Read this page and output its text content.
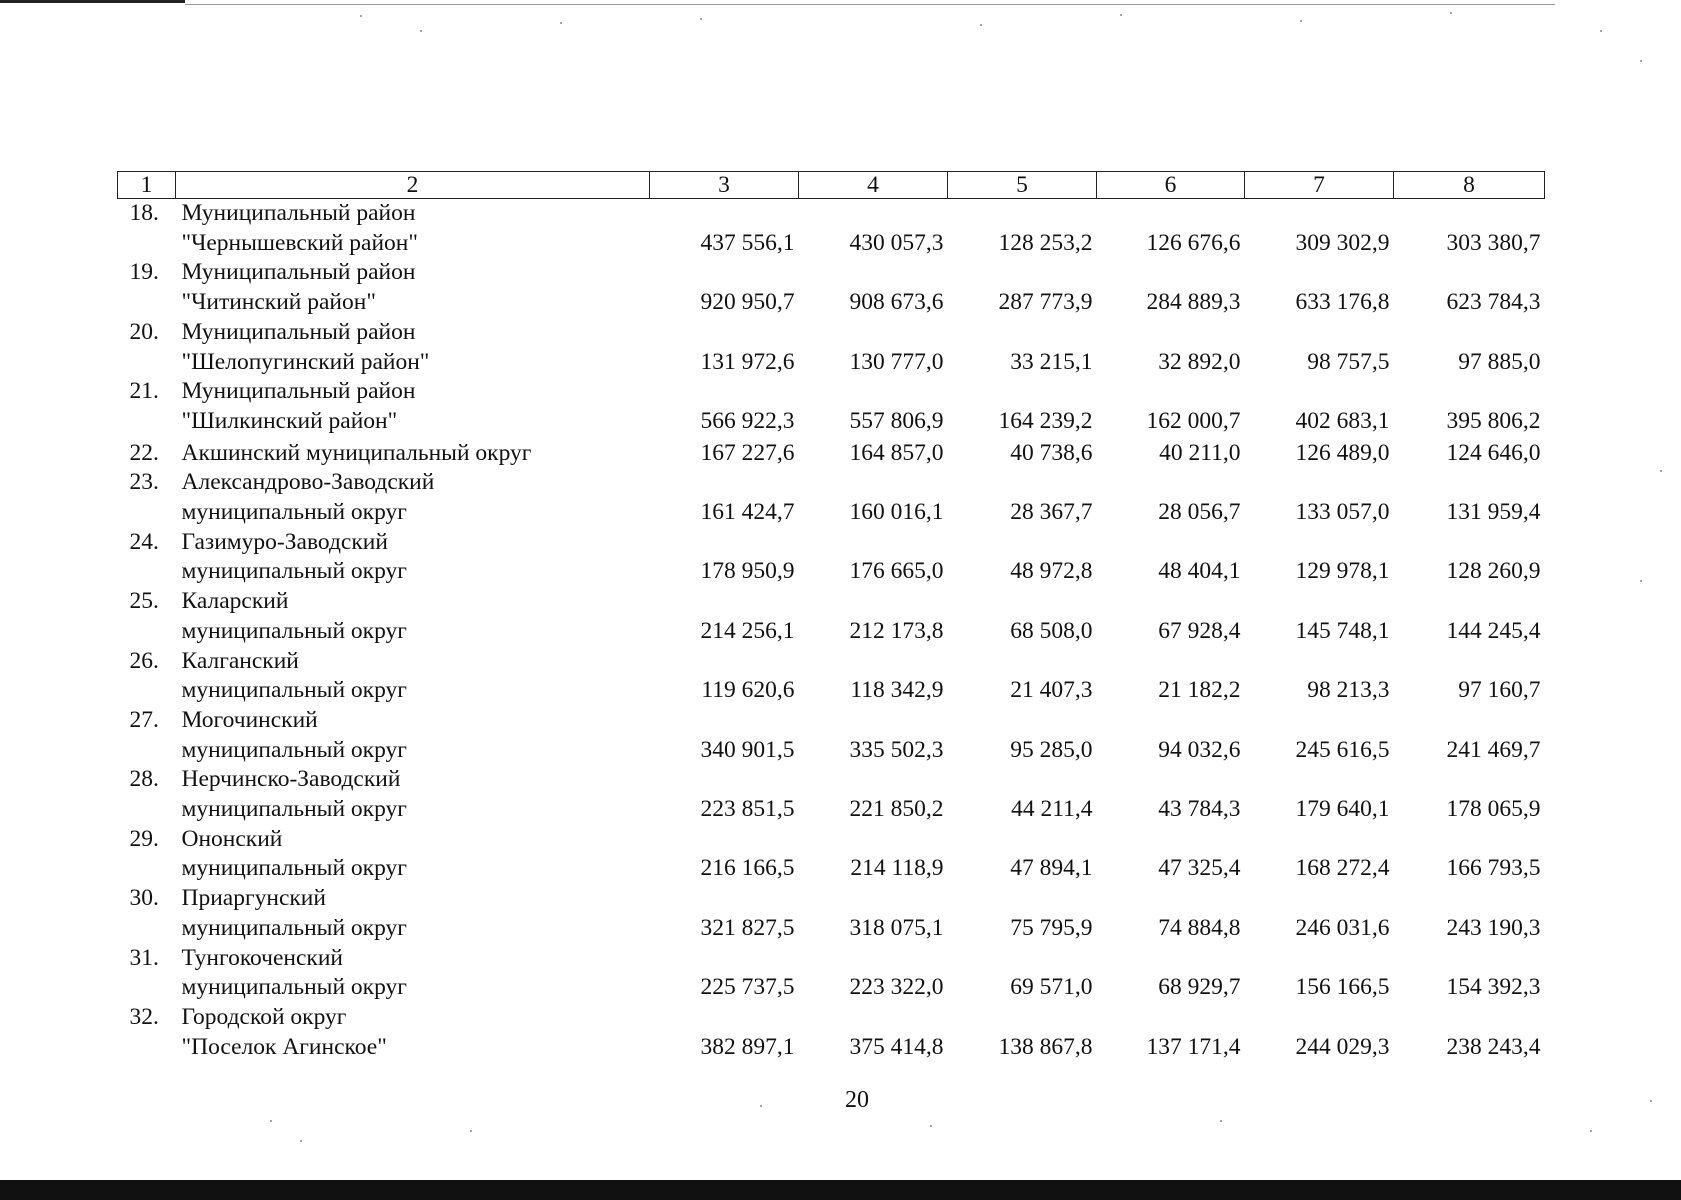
1	2	3	4	5	6	7	8
18.	Муниципальный район
"Чернышевский район"	437 556,1	430 057,3	128 253,2	126 676,6	309 302,9	303 380,7
19.	Муниципальный район
"Читинский район"	920 950,7	908 673,6	287 773,9	284 889,3	633 176,8	623 784,3
20.	Муниципальный район
"Шелопугинский район"	131 972,6	130 777,0	33 215,1	32 892,0	98 757,5	97 885,0
21.	Муниципальный район
"Шилкинский район"	566 922,3	557 806,9	164 239,2	162 000,7	402 683,1	395 806,2
22.	Акшинский муниципальный округ	167 227,6	164 857,0	40 738,6	40 211,0	126 489,0	124 646,0
23.	Александрово-Заводский
муниципальный округ	161 424,7	160 016,1	28 367,7	28 056,7	133 057,0	131 959,4
24.	Газимуро-Заводский
муниципальный округ	178 950,9	176 665,0	48 972,8	48 404,1	129 978,1	128 260,9
25.	Каларский
муниципальный округ	214 256,1	212 173,8	68 508,0	67 928,4	145 748,1	144 245,4
26.	Калганский
муниципальный округ	119 620,6	118 342,9	21 407,3	21 182,2	98 213,3	97 160,7
27.	Могочинский
муниципальный округ	340 901,5	335 502,3	95 285,0	94 032,6	245 616,5	241 469,7
28.	Нерчинско-Заводский
муниципальный округ	223 851,5	221 850,2	44 211,4	43 784,3	179 640,1	178 065,9
29.	Ононский
муниципальный округ	216 166,5	214 118,9	47 894,1	47 325,4	168 272,4	166 793,5
30.	Приаргунский
муниципальный округ	321 827,5	318 075,1	75 795,9	74 884,8	246 031,6	243 190,3
31.	Тунгокоченский
муниципальный округ	225 737,5	223 322,0	69 571,0	68 929,7	156 166,5	154 392,3
32.	Городской округ
"Поселок Агинское"	382 897,1	375 414,8	138 867,8	137 171,4	244 029,3	238 243,4
20
